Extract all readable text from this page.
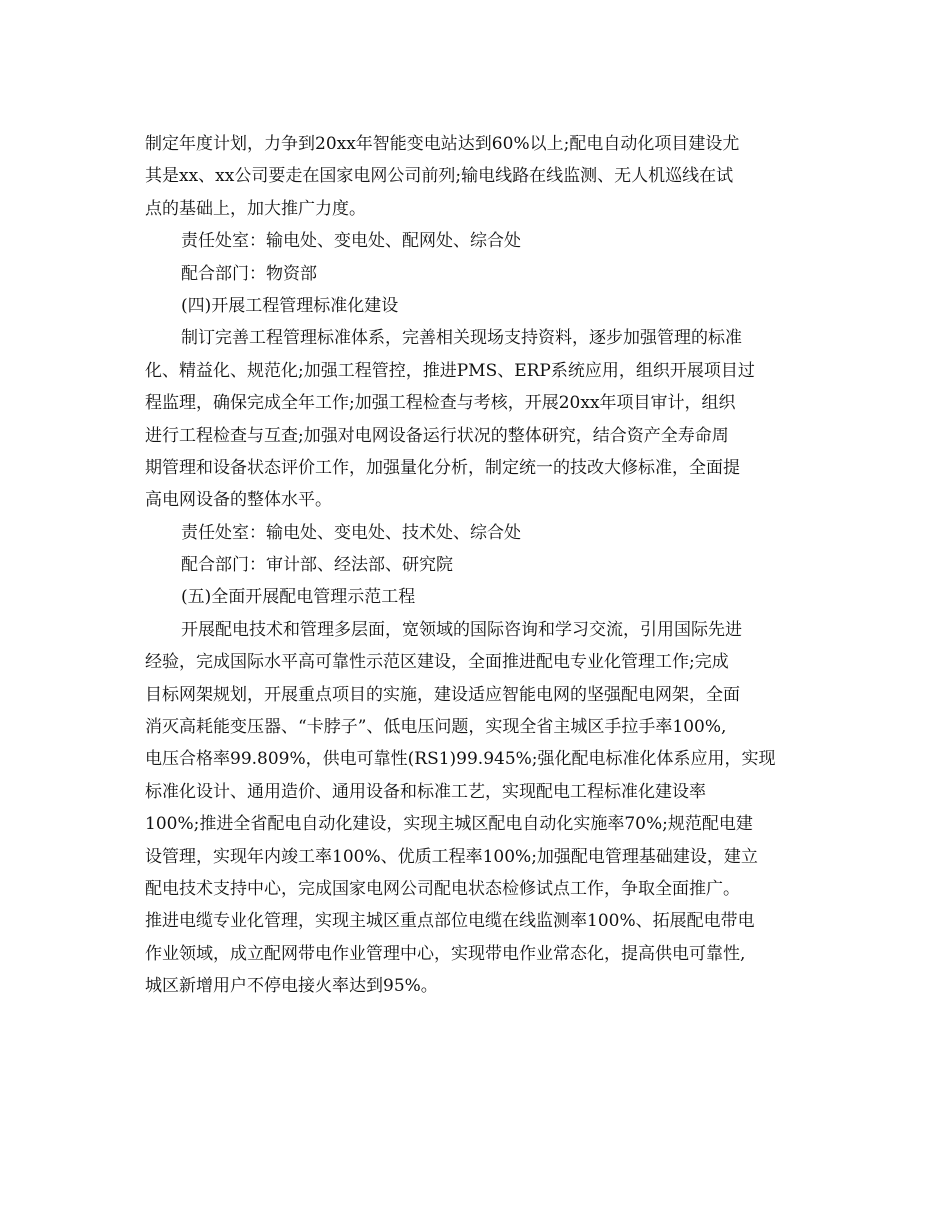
制定年度计划，力争到20xx年智能变电站达到60%以上;配电自动化项目建设尤
其是xx、xx公司要走在国家电网公司前列;输电线路在线监测、无人机巡线在试
点的基础上，加大推广力度。
责任处室：输电处、变电处、配网处、综合处
配合部门：物资部
(四)开展工程管理标准化建设
制订完善工程管理标准体系，完善相关现场支持资料，逐步加强管理的标准
化、精益化、规范化;加强工程管控，推进PMS、ERP系统应用，组织开展项目过
程监理，确保完成全年工作;加强工程检查与考核，开展20xx年项目审计，组织
进行工程检查与互查;加强对电网设备运行状况的整体研究，结合资产全寿命周
期管理和设备状态评价工作，加强量化分析，制定统一的技改大修标准，全面提
高电网设备的整体水平。
责任处室：输电处、变电处、技术处、综合处
配合部门：审计部、经法部、研究院
(五)全面开展配电管理示范工程
开展配电技术和管理多层面，宽领域的国际咨询和学习交流，引用国际先进
经验，完成国际水平高可靠性示范区建设，全面推进配电专业化管理工作;完成
目标网架规划，开展重点项目的实施，建设适应智能电网的坚强配电网架，全面
消灭高耗能变压器、“卡脖子”、低电压问题，实现全省主城区手拉手率100%,
电压合格率99.809%，供电可靠性(RS1)99.945%;强化配电标准化体系应用，实现
标准化设计、通用造价、通用设备和标准工艺，实现配电工程标准化建设率
100%;推进全省配电自动化建设，实现主城区配电自动化实施率70%;规范配电建
设管理，实现年内竣工率100%、优质工程率100%;加强配电管理基础建设，建立
配电技术支持中心，完成国家电网公司配电状态检修试点工作，争取全面推广。
推进电缆专业化管理，实现主城区重点部位电缆在线监测率100%、拓展配电带电
作业领域，成立配网带电作业管理中心，实现带电作业常态化，提高供电可靠性,
城区新增用户不停电接火率达到95%。
